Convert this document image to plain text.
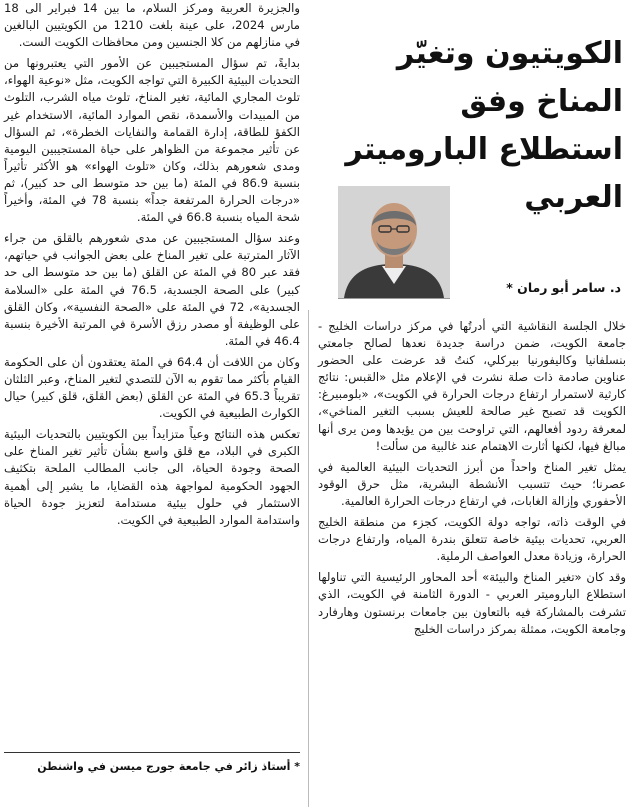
والجزيرة العربية ومركز السلام، ما بين 14 فبراير الى 18 مارس 2024، على عينة بلغت 1210 من الكويتيين البالغين في منازلهم من كلا الجنسين ومن محافظات الكويت الست.

بدايةً، تم سؤال المستجيبين عن الأمور التي يعتبرونها من التحديات البيئية الكبيرة التي تواجه الكويت، مثل «نوعية الهواء، تلوث المجاري المائية، تغير المناخ، تلوث مياه الشرب، التلوث من المبيدات والأسمدة، نقص الموارد المائية، الاستخدام غير الكفؤ للطاقة، إدارة القمامة والنفايات الخطرة»، ثم السؤال عن تأثير مجموعة من الظواهر على حياة المستجيبين اليومية ومدى شعورهم بذلك، وكان «تلوث الهواء» هو الأكثر تأثيراً بنسبة 86.9 في المئة (ما بين حد متوسط الى حد كبير)، ثم «درجات الحرارة المرتفعة جداً» بنسبة 78 في المئة، وأخيراً شحة المياه بنسبة 66.8 في المئة.

وعند سؤال المستجيبين عن مدى شعورهم بالقلق من جراء الآثار المترتبة على تغير المناخ على بعض الجوانب في حياتهم، فقد عبر 80 في المئة عن القلق (ما بين حد متوسط الى حد كبير) على الصحة الجسدية، 76.5 في المئة على «السلامة الجسدية»، 72 في المئة على «الصحة النفسية»، وكان القلق على الوظيفة أو مصدر رزق الأسرة في المرتبة الأخيرة بنسبة 46.4 في المئة.

وكان من اللافت أن 64.4 في المئة يعتقدون أن على الحكومة القيام بأكثر مما تقوم به الآن للتصدي لتغير المناخ، وعبر الثلثان تقريباً 65.3 في المئة عن القلق (بعض القلق، قلق كبير) حيال الكوارث الطبيعية في الكويت.

تعكس هذه النتائج وعياً متزايداً بين الكويتيين بالتحديات البيئية الكبرى في البلاد، مع قلق واسع بشأن تأثير تغير المناخ على الصحة وجودة الحياة، الى جانب المطالب الملحة بتكثيف الجهود الحكومية لمواجهة هذه القضايا، ما يشير إلى أهمية الاستثمار في حلول بيئية مستدامة لتعزيز جودة الحياة واستدامة الموارد الطبيعية في الكويت.

الكويتيون وتغيّر المناخ وفق استطلاع الباروميتر العربي
د. سامر أبو رمان *

خلال الجلسة النقاشية التي أدرتُها في مركز دراسات الخليج - جامعة الكويت، ضمن دراسة جديدة نعدها لصالح جامعتي بنسلفانيا وكاليفورنيا بيركلي، كنتُ قد عرضت على الحضور عناوين صادمة ذات صلة نشرت في الإعلام مثل «القبس: نتائج كارثية لاستمرار ارتفاع درجات الحرارة في الكويت»، «بلومبيرغ: الكويت قد تصبح غير صالحة للعيش بسبب التغير المناخي»، لمعرفة ردود أفعالهم، التي تراوحت بين من يؤيدها ومن يرى أنها مبالغ فيها، لكنها أثارت الاهتمام عند غالبية من سألت!

يمثل تغير المناخ واحداً من أبرز التحديات البيئية العالمية في عصرنا؛ حيث تتسبب الأنشطة البشرية، مثل حرق الوقود الأحفوري وإزالة الغابات، في ارتفاع درجات الحرارة العالمية.

في الوقت ذاته، تواجه دولة الكويت، كجزء من منطقة الخليج العربي، تحديات بيئية خاصة تتعلق بندرة المياه، وارتفاع درجات الحرارة، وزيادة معدل العواصف الرملية.

وقد كان «تغير المناخ والبيئة» أحد المحاور الرئيسية التي تناولها استطلاع الباروميتر العربي - الدورة الثامنة في الكويت، الذي تشرفت بالمشاركة فيه بالتعاون بين جامعات برنستون وهارفارد وجامعة الكويت، ممثلة بمركز دراسات الخليج

* أستاذ زائر في جامعة جورج ميسن في واشنطن
